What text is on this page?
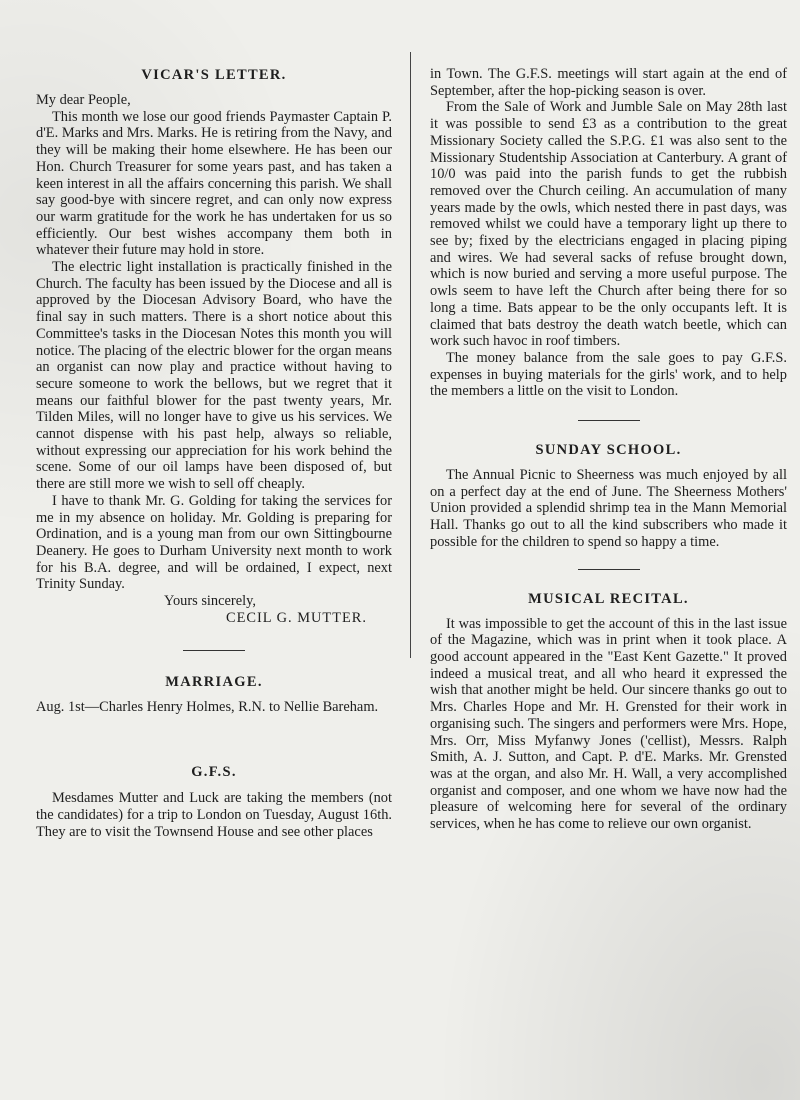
VICAR'S LETTER.

My dear People,

This month we lose our good friends Paymaster Captain P. d'E. Marks and Mrs. Marks. He is retiring from the Navy, and they will be making their home elsewhere. He has been our Hon. Church Treasurer for some years past, and has taken a keen interest in all the affairs concerning this parish. We shall say good-bye with sincere regret, and can only now express our warm gratitude for the work he has undertaken for us so efficiently. Our best wishes accompany them both in whatever their future may hold in store.

The electric light installation is practically finished in the Church. The faculty has been issued by the Diocese and all is approved by the Diocesan Advisory Board, who have the final say in such matters. There is a short notice about this Committee's tasks in the Diocesan Notes this month you will notice. The placing of the electric blower for the organ means an organist can now play and practice without having to secure someone to work the bellows, but we regret that it means our faithful blower for the past twenty years, Mr. Tilden Miles, will no longer have to give us his services. We cannot dispense with his past help, always so reliable, without expressing our appreciation for his work behind the scene. Some of our oil lamps have been disposed of, but there are still more we wish to sell off cheaply.

I have to thank Mr. G. Golding for taking the services for me in my absence on holiday. Mr. Golding is preparing for Ordination, and is a young man from our own Sittingbourne Deanery. He goes to Durham University next month to work for his B.A. degree, and will be ordained, I expect, next Trinity Sunday.

Yours sincerely,

CECIL G. MUTTER.

MARRIAGE.

Aug. 1st—Charles Henry Holmes, R.N. to Nellie Bareham.

G.F.S.

Mesdames Mutter and Luck are taking the members (not the candidates) for a trip to London on Tuesday, August 16th. They are to visit the Townsend House and see other places

in Town. The G.F.S. meetings will start again at the end of September, after the hop-picking season is over.

From the Sale of Work and Jumble Sale on May 28th last it was possible to send £3 as a contribution to the great Missionary Society called the S.P.G. £1 was also sent to the Missionary Studentship Association at Canterbury. A grant of 10/0 was paid into the parish funds to get the rubbish removed over the Church ceiling. An accumulation of many years made by the owls, which nested there in past days, was removed whilst we could have a temporary light up there to see by; fixed by the electricians engaged in placing piping and wires. We had several sacks of refuse brought down, which is now buried and serving a more useful purpose. The owls seem to have left the Church after being there for so long a time. Bats appear to be the only occupants left. It is claimed that bats destroy the death watch beetle, which can work such havoc in roof timbers.

The money balance from the sale goes to pay G.F.S. expenses in buying materials for the girls' work, and to help the members a little on the visit to London.

SUNDAY SCHOOL.

The Annual Picnic to Sheerness was much enjoyed by all on a perfect day at the end of June. The Sheerness Mothers' Union provided a splendid shrimp tea in the Mann Memorial Hall. Thanks go out to all the kind subscribers who made it possible for the children to spend so happy a time.

MUSICAL RECITAL.

It was impossible to get the account of this in the last issue of the Magazine, which was in print when it took place. A good account appeared in the "East Kent Gazette." It proved indeed a musical treat, and all who heard it expressed the wish that another might be held. Our sincere thanks go out to Mrs. Charles Hope and Mr. H. Grensted for their work in organising such. The singers and performers were Mrs. Hope, Mrs. Orr, Miss Myfanwy Jones ('cellist), Messrs. Ralph Smith, A. J. Sutton, and Capt. P. d'E. Marks. Mr. Grensted was at the organ, and also Mr. H. Wall, a very accomplished organist and composer, and one whom we have now had the pleasure of welcoming here for several of the ordinary services, when he has come to relieve our own organist.
